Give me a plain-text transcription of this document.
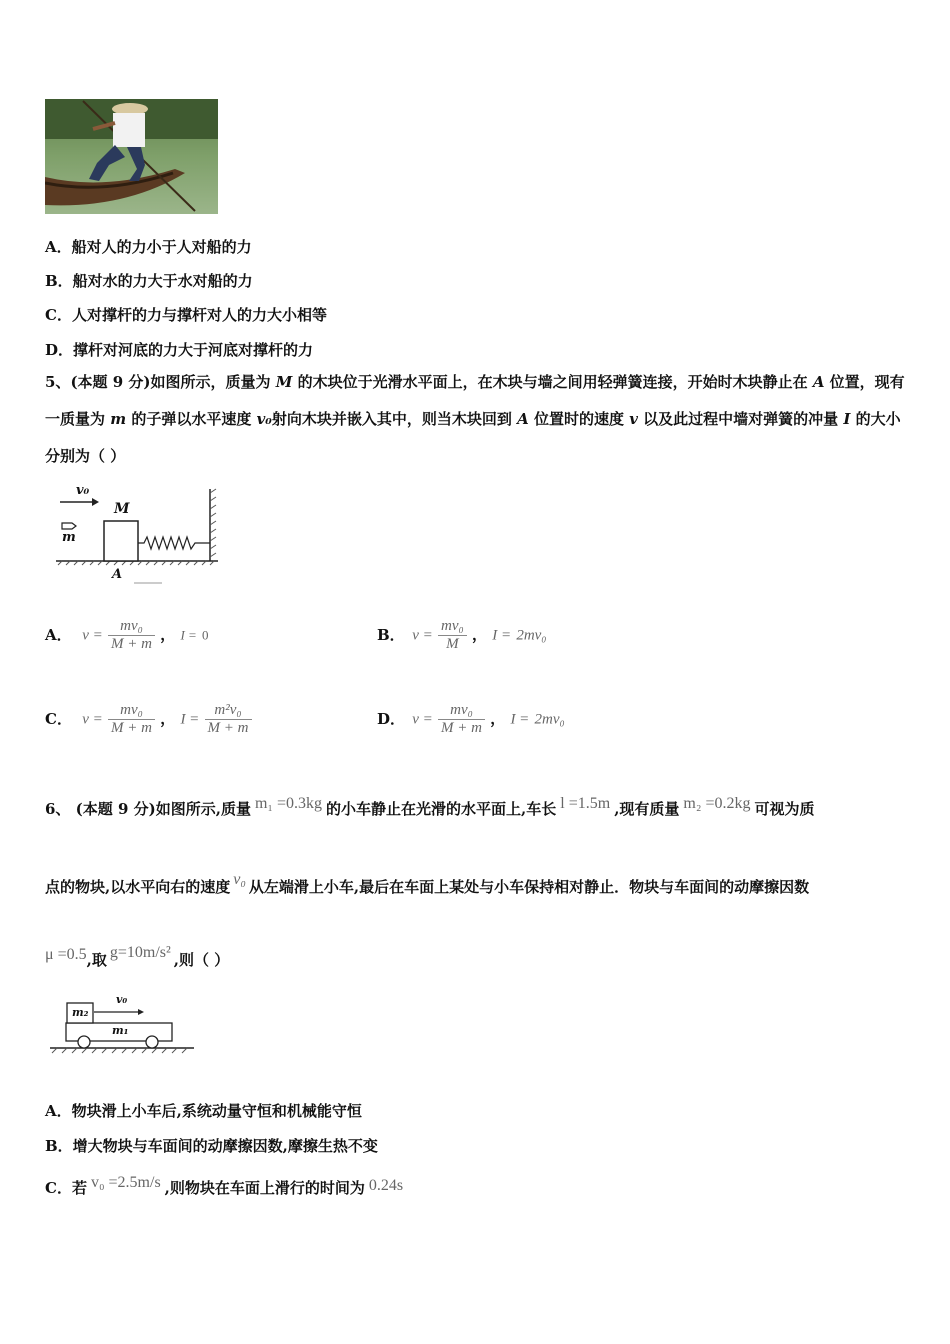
A．船对人的力小于人对船的力
B．船对水的力大于水对船的力
C．人对撑杆的力与撑杆对人的力大小相等
D．撑杆对河底的力大于河底对撑杆的力
5、(本题 9 分)如图所示，质量为 M 的木块位于光滑水平面上，在木块与墙之间用轻弹簧连接，开始时木块静止在 A 位置，现有一质量为 m 的子弹以水平速度 v₀射向木块并嵌入其中，则当木块回到 A 位置时的速度 v 以及此过程中墙对弹簧的冲量 I 的大小分别为（ ）
v₀
M
m
A
A． $v = \frac{\text{mv₀}}{M + m}$ ， I = 0	B． $v = \frac{\text{mv₀}}{M}$ ， I = 2mv₀
C． $v = \frac{\text{mv₀}}{M + m}$ ， $I = \frac{\text{m²v₀}}{M + m}$	D． $v = \frac{\text{mv₀}}{M + m}$ ， I = 2mv₀
6、 (本题 9 分)如图所示,质量 m₁ =0.3kg 的小车静止在光滑的水平面上,车长 l =1.5m ,现有质量 m₂ =0.2kg 可视为质
点的物块,以水平向右的速度 v₀ 从左端滑上小车,最后在车面上某处与小车保持相对静止．物块与车面间的动摩擦因数
μ =0.5,取 g=10m/s² ,则（ ）
v₀
m₂
m₁
A．物块滑上小车后,系统动量守恒和机械能守恒
B．增大物块与车面间的动摩擦因数,摩擦生热不变
C．若 v₀ =2.5m/s ,则物块在车面上滑行的时间为 0.24s
